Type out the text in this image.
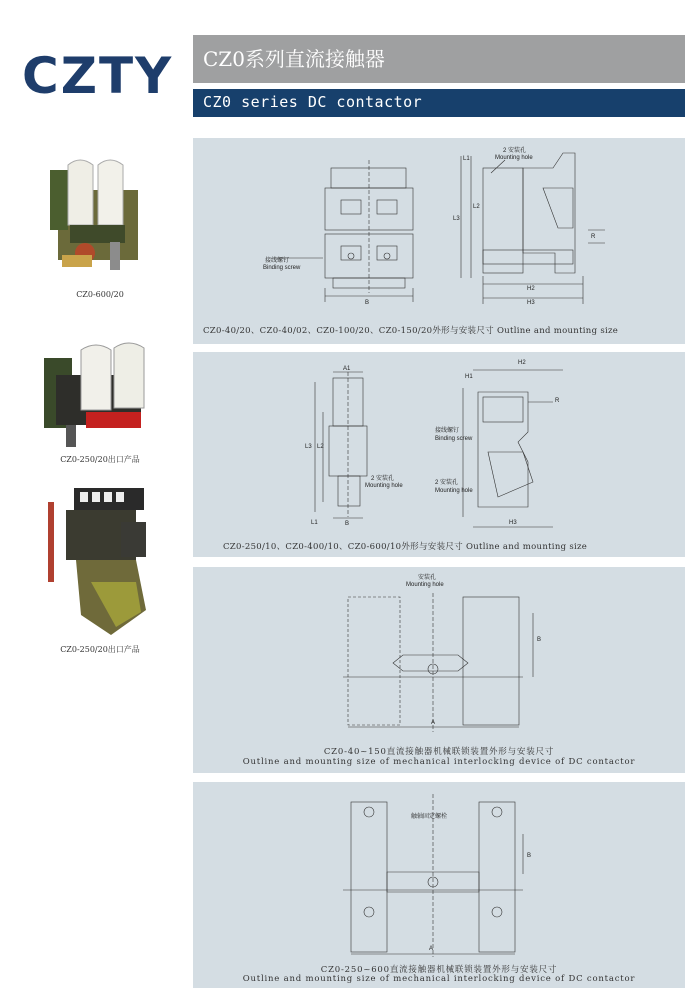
CZTY	CZ0系列直流接触器
CZ0 series DC contactor
CZ0-600/20
CZ0-250/20出口产品
CZ0-250/20出口产品
接线螺钉
Binding screw
B
2 安装孔
Mounting hole
L1
L2
L3
R
H2
H3
CZ0-40/20、CZ0-40/02、CZ0-100/20、CZ0-150/20外形与安装尺寸 Outline and mounting size
A1
B
L1
L2
L3
2 安装孔
Mounting hole
接线螺钉
Binding screw
2 安装孔
Mounting hole
H1
H2
H3
R
CZ0-250/10、CZ0-400/10、CZ0-600/10外形与安装尺寸 Outline and mounting size
安装孔
Mounting hole
A
B
CZ0-40~150直流接触器机械联锁装置外形与安装尺寸
Outline and mounting size of mechanical interlocking device of DC contactor
触轴固定螺栓
A
B
CZ0-250~600直流接触器机械联锁装置外形与安装尺寸
Outline and mounting size of mechanical interlocking device of DC contactor
